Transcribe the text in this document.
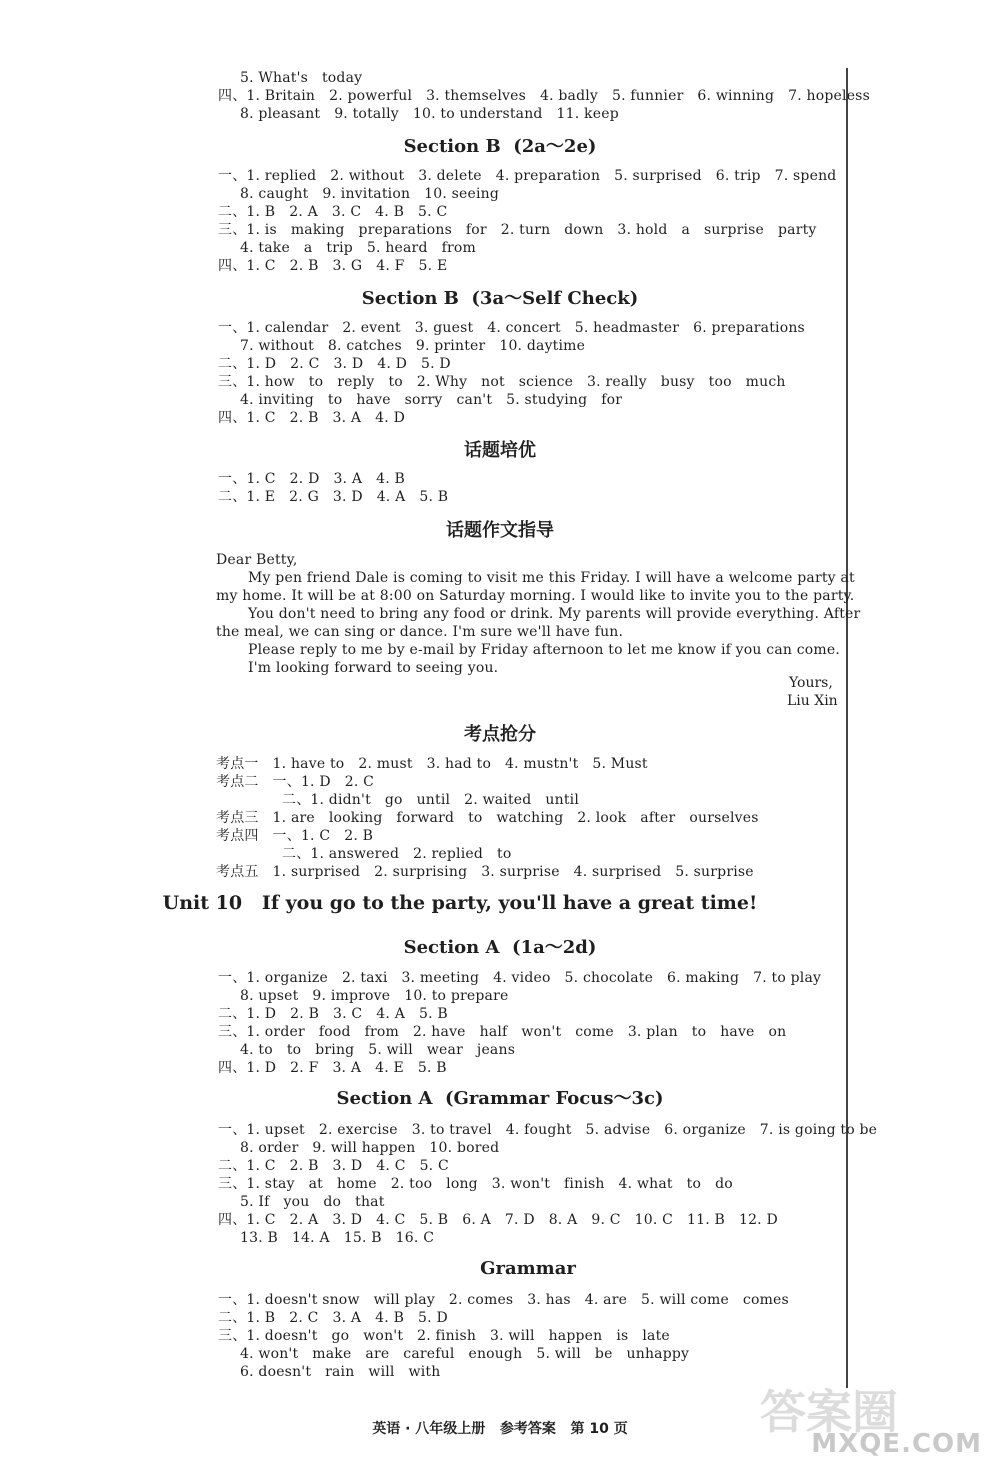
5. What's   today
四、1. Britain   2. powerful   3. themselves   4. badly   5. funnier   6. winning   7. hopeless
8. pleasant   9. totally   10. to understand   11. keep
一、1. replied   2. without   3. delete   4. preparation   5. surprised   6. trip   7. spend
8. caught   9. invitation   10. seeing
二、1. B   2. A   3. C   4. B   5. C
三、1. is   making   preparations   for   2. turn   down   3. hold   a   surprise   party
4. take   a   trip   5. heard   from
四、1. C   2. B   3. G   4. F   5. E
一、1. calendar   2. event   3. guest   4. concert   5. headmaster   6. preparations
7. without   8. catches   9. printer   10. daytime
二、1. D   2. C   3. D   4. D   5. D
三、1. how   to   reply   to   2. Why   not   science   3. really   busy   too   much
4. inviting   to   have   sorry   can't   5. studying   for
四、1. C   2. B   3. A   4. D
一、1. C   2. D   3. A   4. B
二、1. E   2. G   3. D   4. A   5. B
Dear Betty,
My pen friend Dale is coming to visit me this Friday. I will have a welcome party at
my home. It will be at 8:00 on Saturday morning. I would like to invite you to the party.
You don't need to bring any food or drink. My parents will provide everything. After
the meal, we can sing or dance. I'm sure we'll have fun.
Please reply to me by e-mail by Friday afternoon to let me know if you can come.
I'm looking forward to seeing you.
考点一   1. have to   2. must   3. had to   4. mustn't   5. Must
考点二   一、1. D   2. C
二、1. didn't   go   until   2. waited   until
考点三   1. are   looking   forward   to   watching   2. look   after   ourselves
考点四   一、1. C   2. B
二、1. answered   2. replied   to
考点五   1. surprised   2. surprising   3. surprise   4. surprised   5. surprise
一、1. organize   2. taxi   3. meeting   4. video   5. chocolate   6. making   7. to play
8. upset   9. improve   10. to prepare
二、1. D   2. B   3. C   4. A   5. B
三、1. order   food   from   2. have   half   won't   come   3. plan   to   have   on
4. to   to   bring   5. will   wear   jeans
四、1. D   2. F   3. A   4. E   5. B
一、1. upset   2. exercise   3. to travel   4. fought   5. advise   6. organize   7. is going to be
8. order   9. will happen   10. bored
二、1. C   2. B   3. D   4. C   5. C
三、1. stay   at   home   2. too   long   3. won't   finish   4. what   to   do
5. If   you   do   that
四、1. C   2. A   3. D   4. C   5. B   6. A   7. D   8. A   9. C   10. C   11. B   12. D
13. B   14. A   15. B   16. C
一、1. doesn't snow   will play   2. comes   3. has   4. are   5. will come   comes
二、1. B   2. C   3. A   4. B   5. D
三、1. doesn't   go   won't   2. finish   3. will   happen   is   late
4. won't   make   are   careful   enough   5. will   be   unhappy
6. doesn't   rain   will   with
Section B  (2a～2e)
Section B  (3a～Self Check)
话题培优
话题作文指导
考点抢分
Unit 10   If you go to the party, you'll have a great time!
Section A  (1a～2d)
Section A  (Grammar Focus～3c)
Grammar
Yours,
Liu Xin
英语 · 八年级上册   参考答案   第 10 页	答案圈
MXQE.COM
